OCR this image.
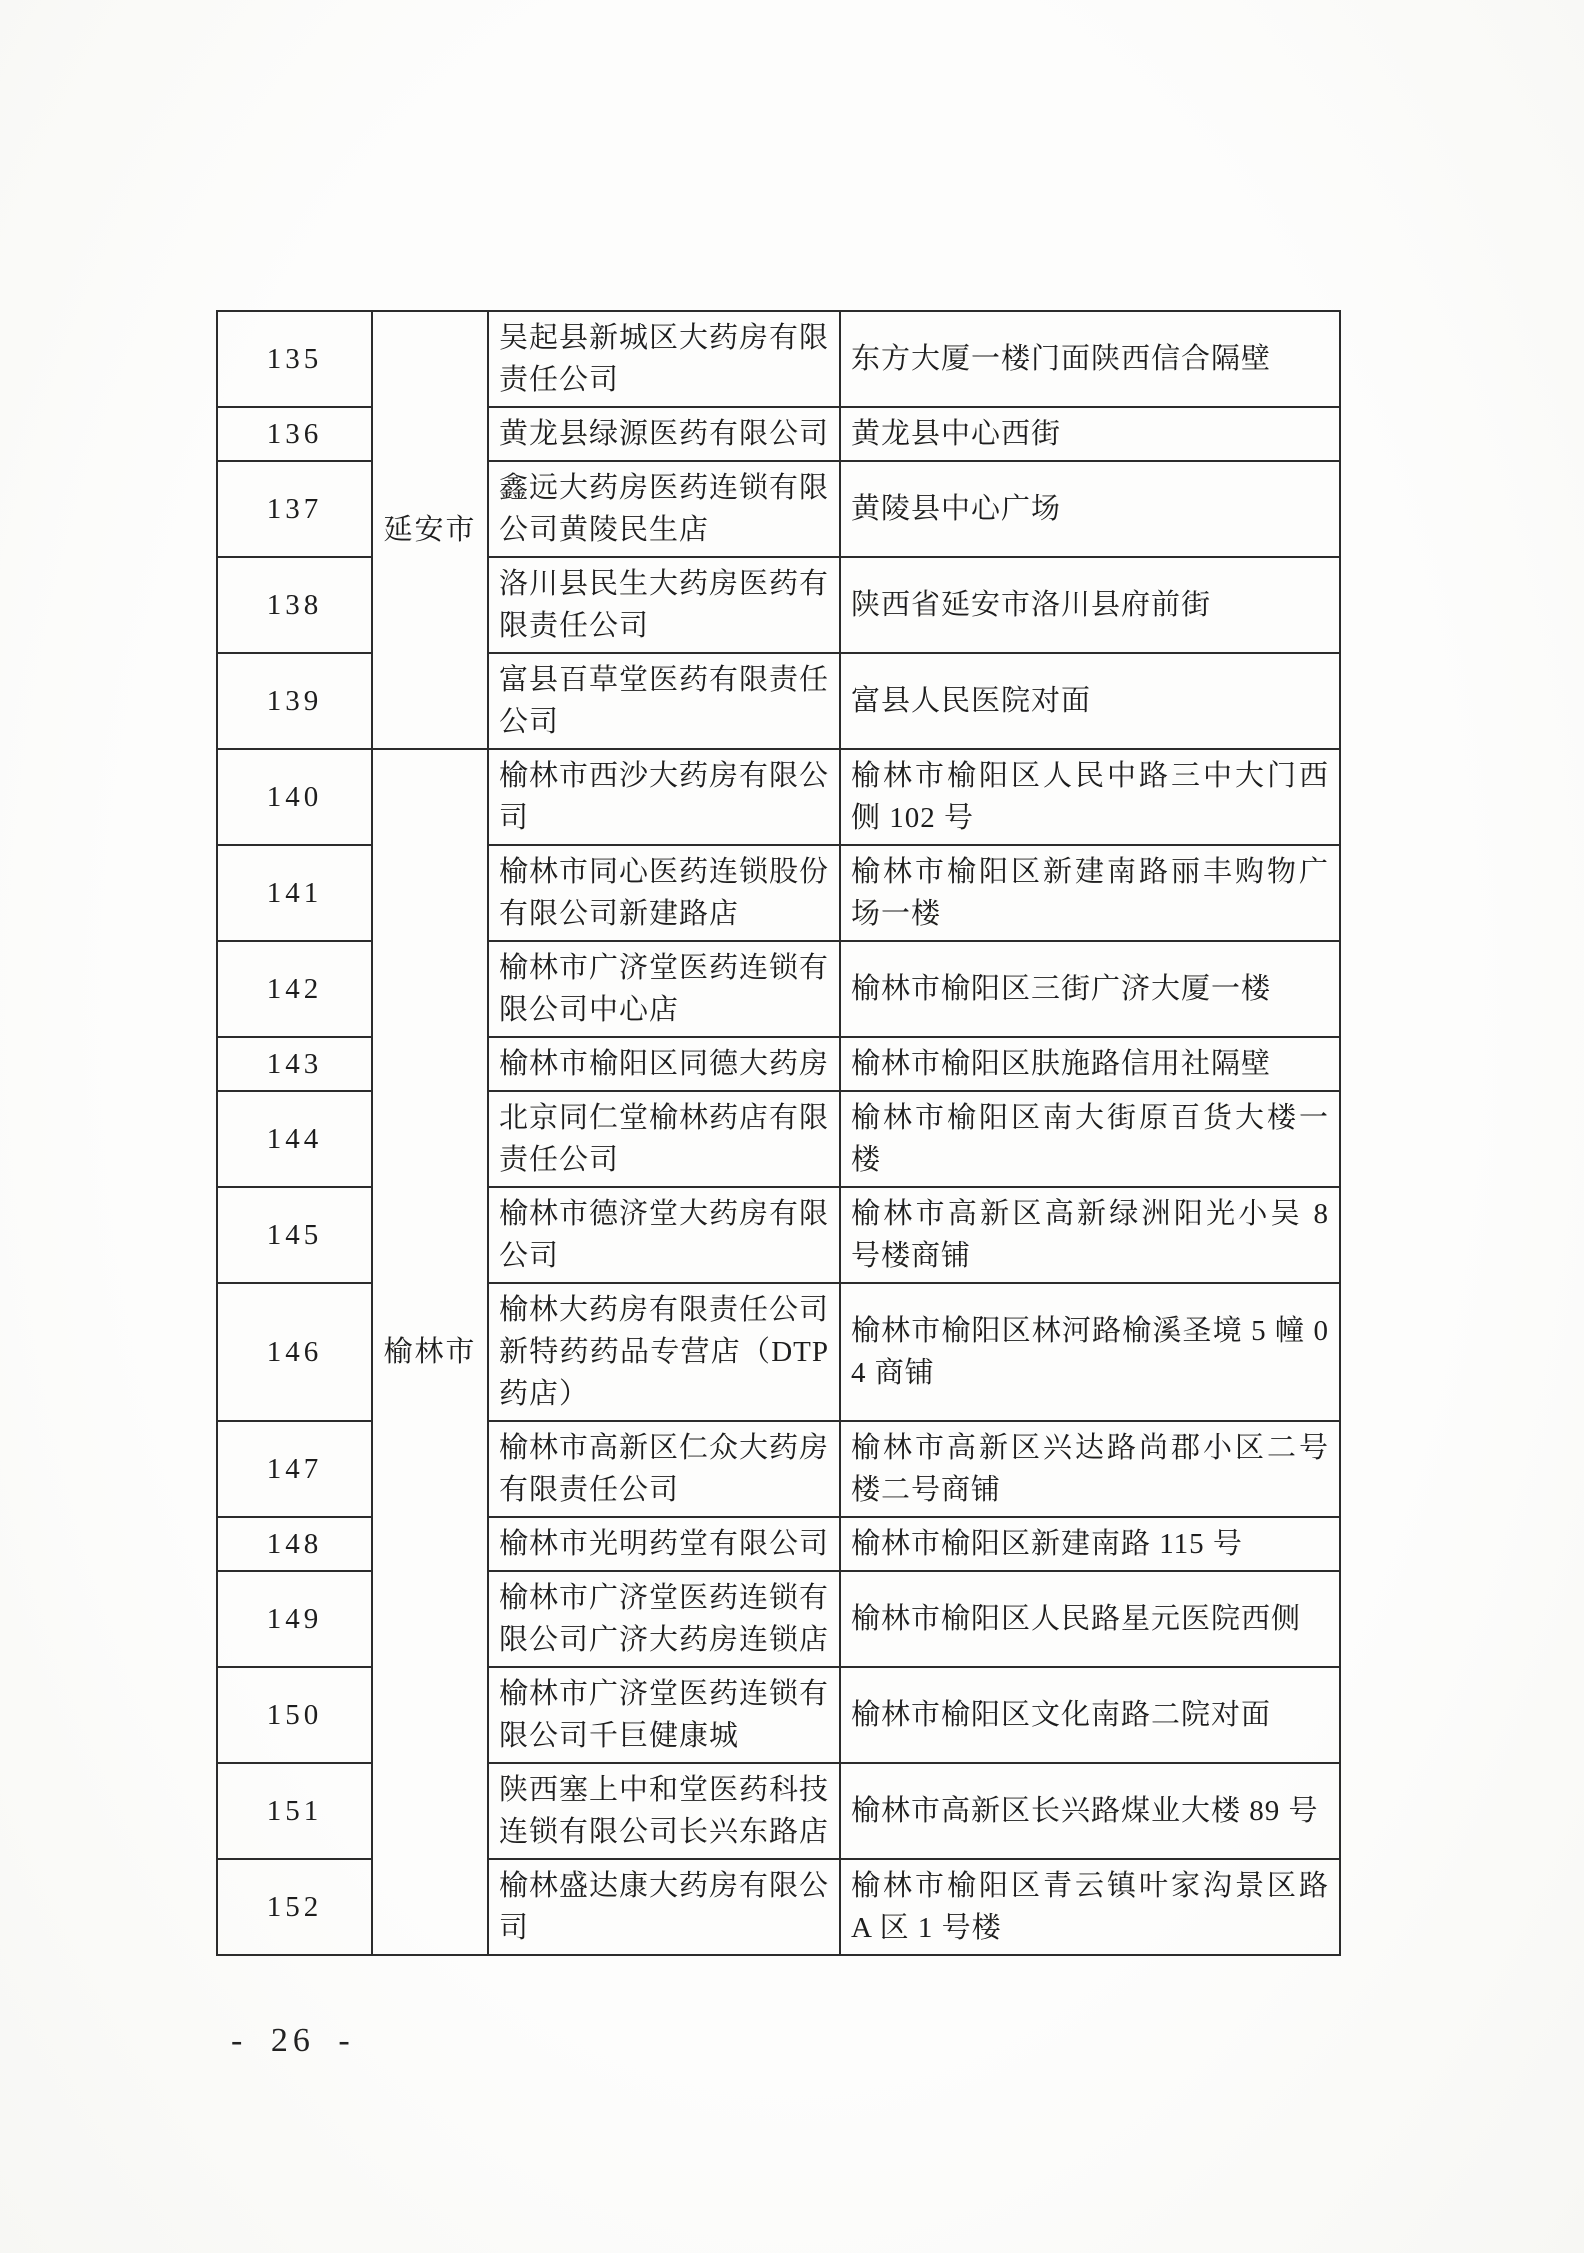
135	延安市	吴起县新城区大药房有限责任公司	东方大厦一楼门面陕西信合隔壁
136		黄龙县绿源医药有限公司	黄龙县中心西街
137		鑫远大药房医药连锁有限公司黄陵民生店	黄陵县中心广场
138		洛川县民生大药房医药有限责任公司	陕西省延安市洛川县府前街
139		富县百草堂医药有限责任公司	富县人民医院对面
140	榆林市	榆林市西沙大药房有限公司	榆林市榆阳区人民中路三中大门西侧 102 号
141		榆林市同心医药连锁股份有限公司新建路店	榆林市榆阳区新建南路丽丰购物广场一楼
142		榆林市广济堂医药连锁有限公司中心店	榆林市榆阳区三街广济大厦一楼
143		榆林市榆阳区同德大药房	榆林市榆阳区肤施路信用社隔壁
144		北京同仁堂榆林药店有限责任公司	榆林市榆阳区南大街原百货大楼一楼
145		榆林市德济堂大药房有限公司	榆林市高新区高新绿洲阳光小吴 8 号楼商铺
146		榆林大药房有限责任公司新特药药品专营店（DTP 药店）	榆林市榆阳区林河路榆溪圣境 5 幢 04 商铺
147		榆林市高新区仁众大药房有限责任公司	榆林市高新区兴达路尚郡小区二号楼二号商铺
148		榆林市光明药堂有限公司	榆林市榆阳区新建南路 115 号
149		榆林市广济堂医药连锁有限公司广济大药房连锁店	榆林市榆阳区人民路星元医院西侧
150		榆林市广济堂医药连锁有限公司千巨健康城	榆林市榆阳区文化南路二院对面
151		陕西塞上中和堂医药科技连锁有限公司长兴东路店	榆林市高新区长兴路煤业大楼 89 号
152		榆林盛达康大药房有限公司	榆林市榆阳区青云镇叶家沟景区路 A 区 1 号楼
- 26 -
